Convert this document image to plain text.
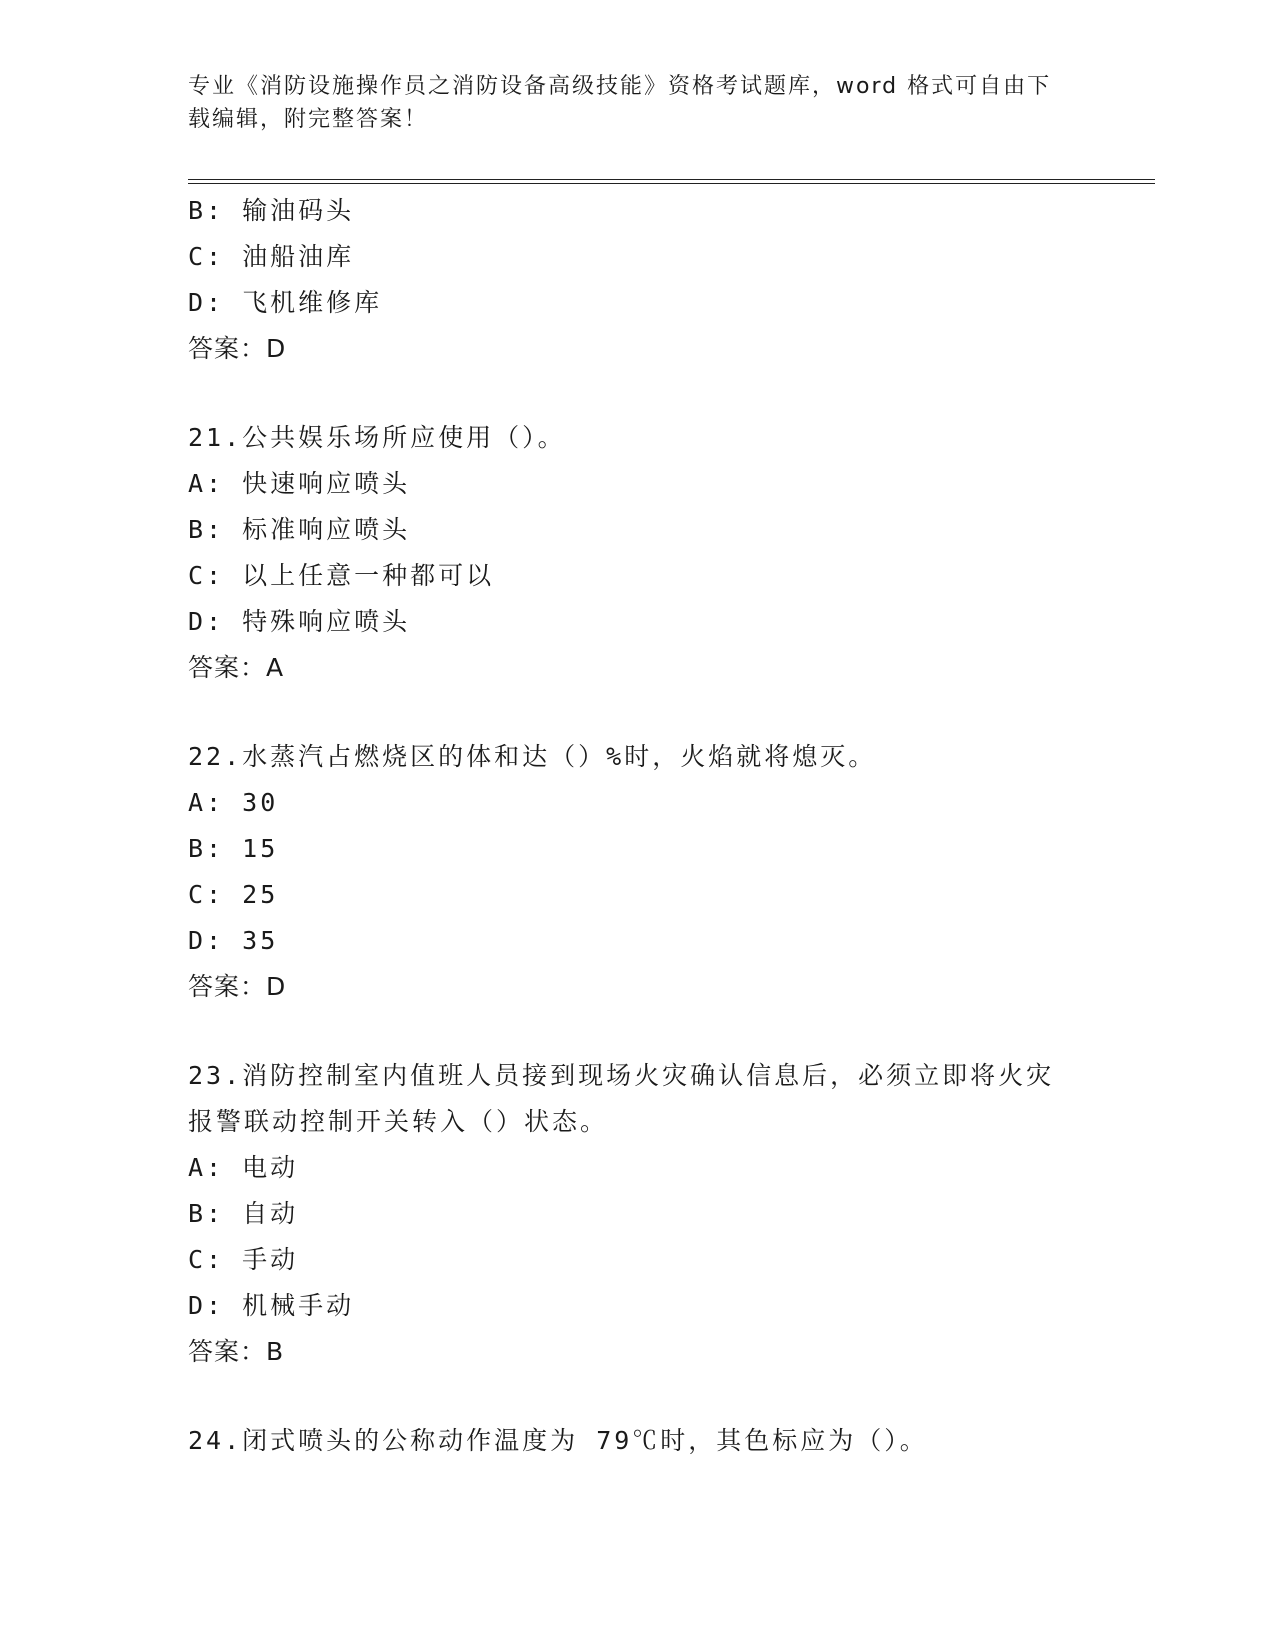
专业《消防设施操作员之消防设备高级技能》资格考试题库，word 格式可自由下
载编辑，附完整答案！
B: 输油码头
C: 油船油库
D: 飞机维修库
答案：D
21.公共娱乐场所应使用（）。
A: 快速响应喷头
B: 标准响应喷头
C: 以上任意一种都可以
D: 特殊响应喷头
答案：A
22.水蒸汽占燃烧区的体和达（）%时，火焰就将熄灭。
A: 30
B: 15
C: 25
D: 35
答案：D
23.消防控制室内值班人员接到现场火灾确认信息后，必须立即将火灾
报警联动控制开关转入（）状态。
A: 电动
B: 自动
C: 手动
D: 机械手动
答案：B
24.闭式喷头的公称动作温度为 79℃时，其色标应为（）。
